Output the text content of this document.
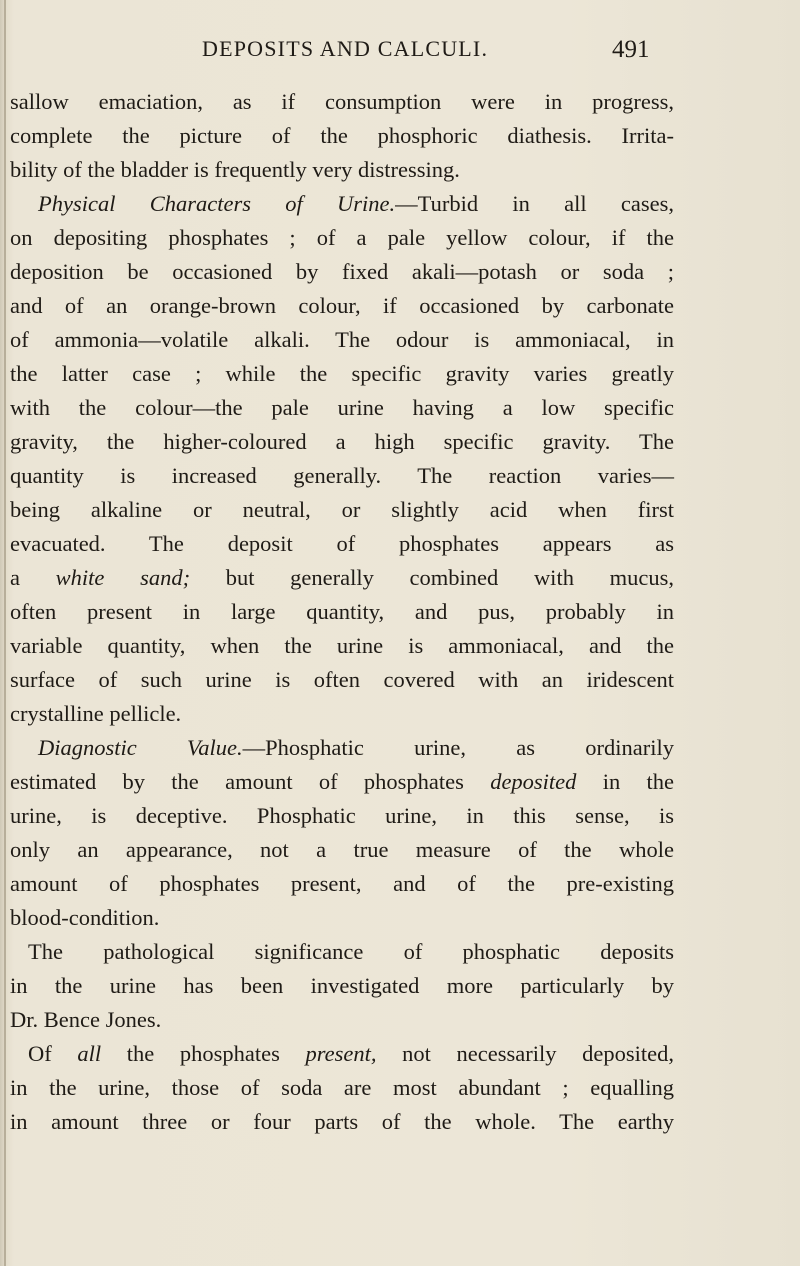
DEPOSITS AND CALCULI.	491
sallow emaciation, as if consumption were in progress,
complete the picture of the phosphoric diathesis. Irrita-
bility of the bladder is frequently very distressing.
Physical Characters of Urine.—Turbid in all cases,
on depositing phosphates ; of a pale yellow colour, if the
deposition be occasioned by fixed akali—potash or soda ;
and of an orange-brown colour, if occasioned by carbonate
of ammonia—volatile alkali. The odour is ammoniacal, in
the latter case ; while the specific gravity varies greatly
with the colour—the pale urine having a low specific
gravity, the higher-coloured a high specific gravity. The
quantity is increased generally. The reaction varies—
being alkaline or neutral, or slightly acid when first
evacuated. The deposit of phosphates appears as
a white sand; but generally combined with mucus,
often present in large quantity, and pus, probably in
variable quantity, when the urine is ammoniacal, and the
surface of such urine is often covered with an iridescent
crystalline pellicle.
Diagnostic Value.—Phosphatic urine, as ordinarily
estimated by the amount of phosphates deposited in the
urine, is deceptive. Phosphatic urine, in this sense, is
only an appearance, not a true measure of the whole
amount of phosphates present, and of the pre-existing
blood-condition.
The pathological significance of phosphatic deposits
in the urine has been investigated more particularly by
Dr. Bence Jones.
Of all the phosphates present, not necessarily deposited,
in the urine, those of soda are most abundant ; equalling
in amount three or four parts of the whole. The earthy
